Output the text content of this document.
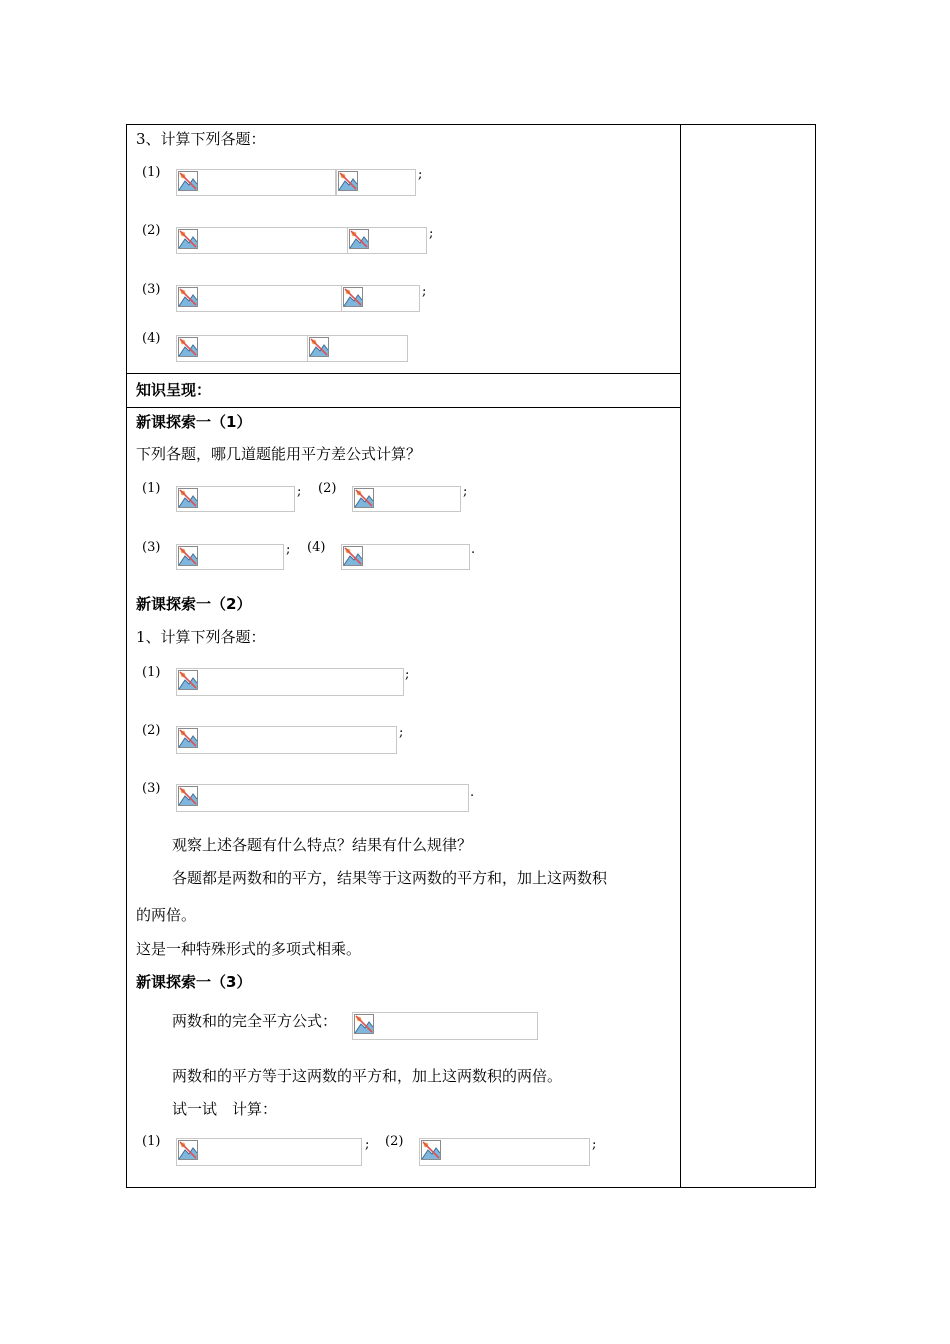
3、计算下列各题：
(1)	;
(2)	;
(3)	;
(4)
知识呈现：
新课探索一（1）
下列各题，哪几道题能用平方差公式计算？
(1)	; (2)	;
(3)	; (4)	.
新课探索一（2）
1、计算下列各题：
(1)	;
(2)	;
(3)	.
观察上述各题有什么特点？结果有什么规律？
各题都是两数和的平方，结果等于这两数的平方和，加上这两数积
的两倍。
这是一种特殊形式的多项式相乘。
新课探索一（3）
两数和的完全平方公式：
两数和的平方等于这两数的平方和，加上这两数积的两倍。
试一试　计算：
(1)	; (2)	;
